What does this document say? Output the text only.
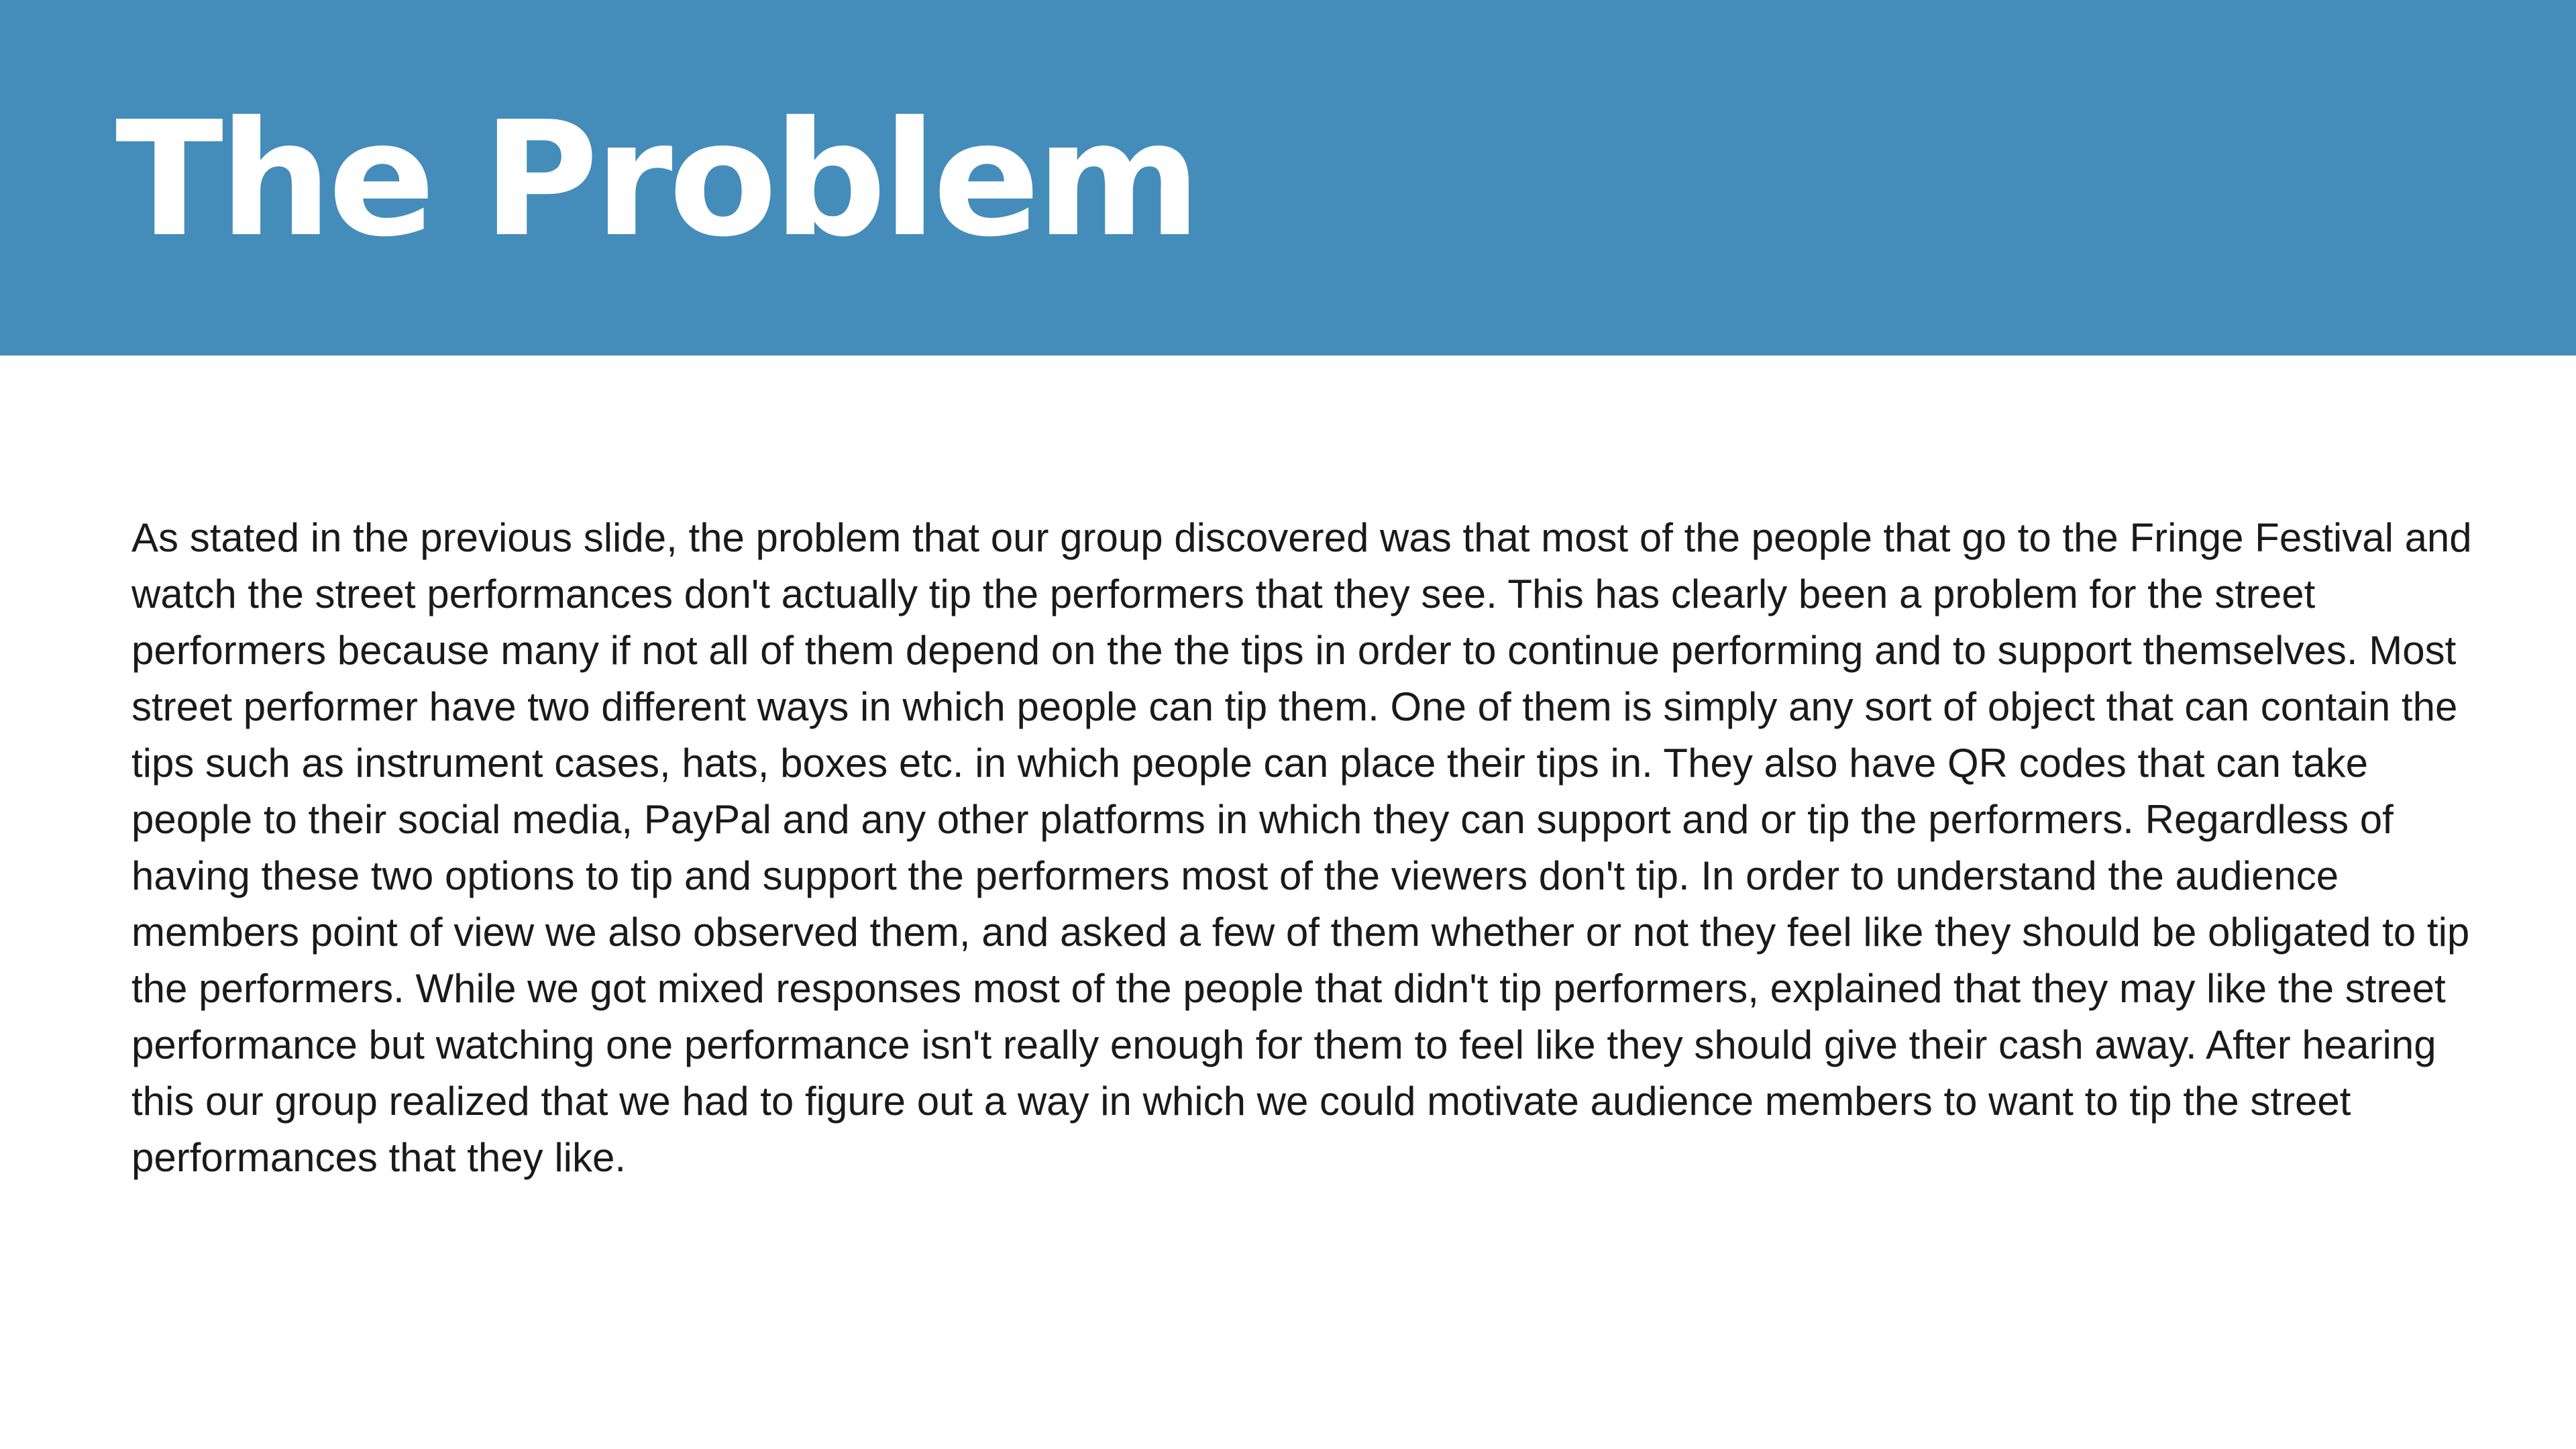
The Problem

As stated in the previous slide, the problem that our group discovered was that most of the people that go to the Fringe Festival and watch the street performances don't actually tip the performers that they see. This has clearly been a problem for the street performers because many if not all of them depend on the the tips in order to continue performing and to support themselves. Most street performer have two different ways in which people can tip them. One of them is simply any sort of object that can contain the tips such as instrument cases, hats, boxes etc. in which people can place their tips in. They also have QR codes that can take people to their social media, PayPal and any other platforms in which they can support and or tip the performers. Regardless of having these two options to tip and support the performers most of the viewers don't tip. In order to understand the audience members point of view we also observed them, and asked a few of them whether or not they feel like they should be obligated to tip the performers. While we got mixed responses most of the people that didn't tip performers, explained that they may like the street performance but watching one performance isn't really enough for them to feel like they should give their cash away. After hearing this our group realized that we had to figure out a way in which we could motivate audience members to want to tip the street performances that they like.
